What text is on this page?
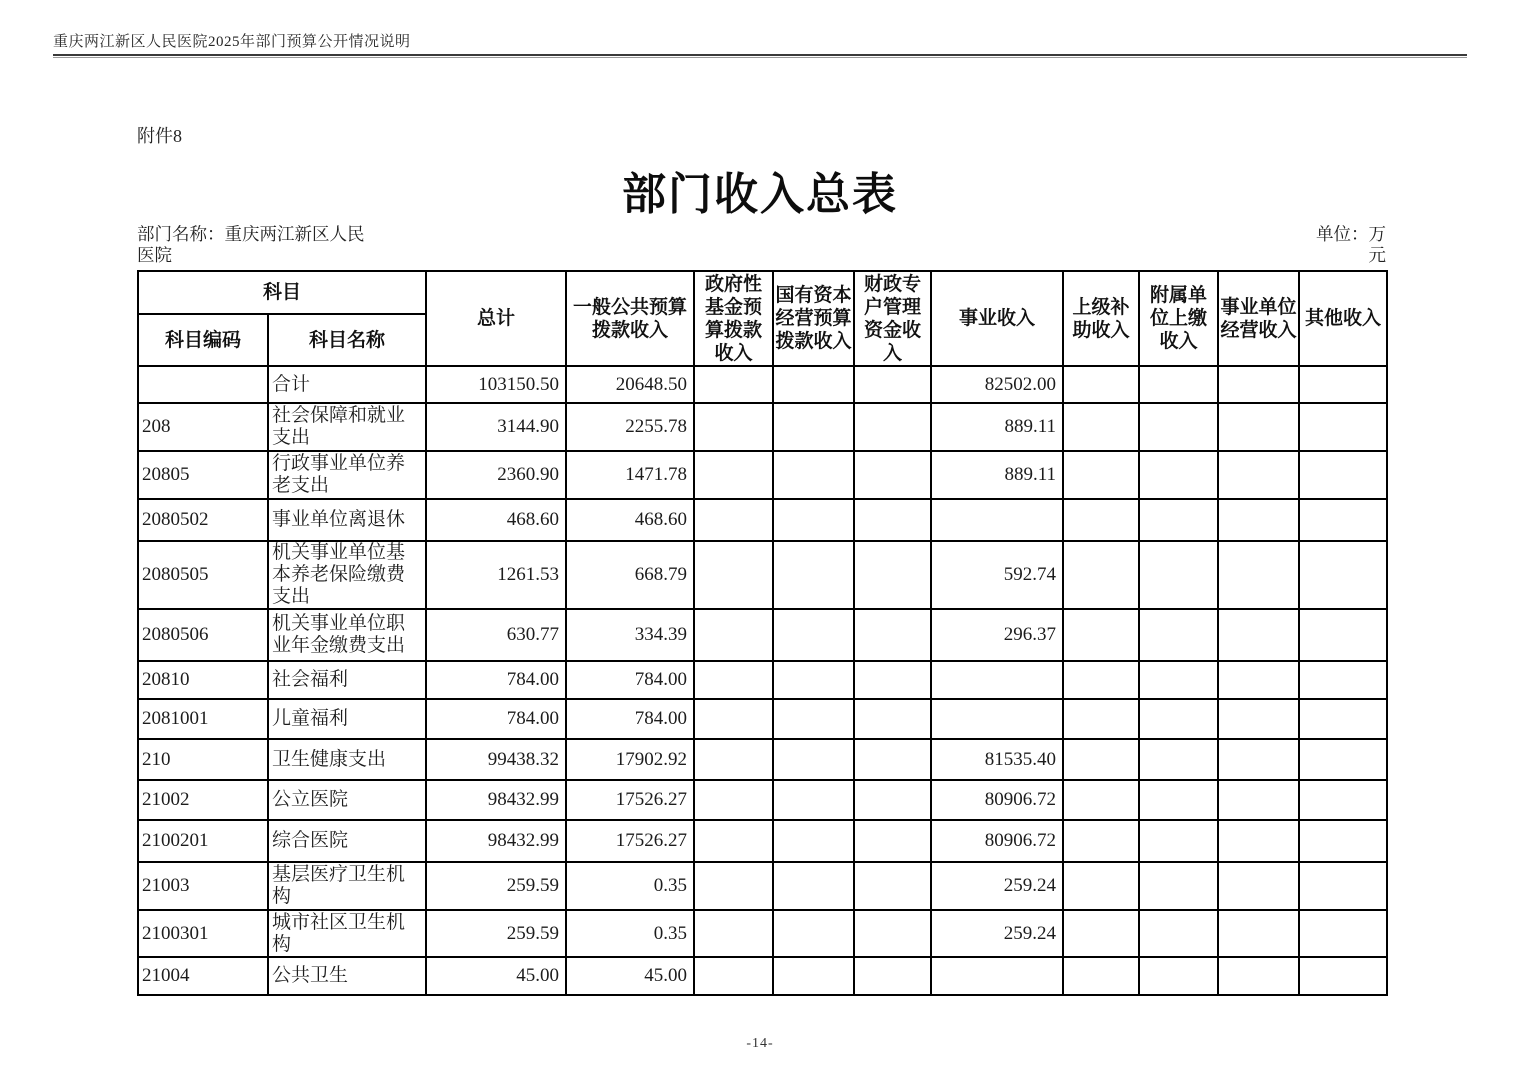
重庆两江新区人民医院2025年部门预算公开情况说明
附件8
部门收入总表
部门名称：重庆两江新区人民医院
单位：万元
科目		总计	一般公共预算拨款收入	政府性基金预算拨款收入	国有资本经营预算拨款收入	财政专户管理资金收入	事业收入	上级补助收入	附属单位上缴收入	事业单位经营收入	其他收入
科目编码	科目名称										
	合计	103150.50	20648.50				82502.00				
208	社会保障和就业支出	3144.90	2255.78				889.11				
20805	行政事业单位养老支出	2360.90	1471.78				889.11				
2080502	事业单位离退休	468.60	468.60								
2080505	机关事业单位基本养老保险缴费支出	1261.53	668.79				592.74				
2080506	机关事业单位职业年金缴费支出	630.77	334.39				296.37				
20810	社会福利	784.00	784.00								
2081001	儿童福利	784.00	784.00								
210	卫生健康支出	99438.32	17902.92				81535.40				
21002	公立医院	98432.99	17526.27				80906.72				
2100201	综合医院	98432.99	17526.27				80906.72				
21003	基层医疗卫生机构	259.59	0.35				259.24				
2100301	城市社区卫生机构	259.59	0.35				259.24				
21004	公共卫生	45.00	45.00								
-14-
